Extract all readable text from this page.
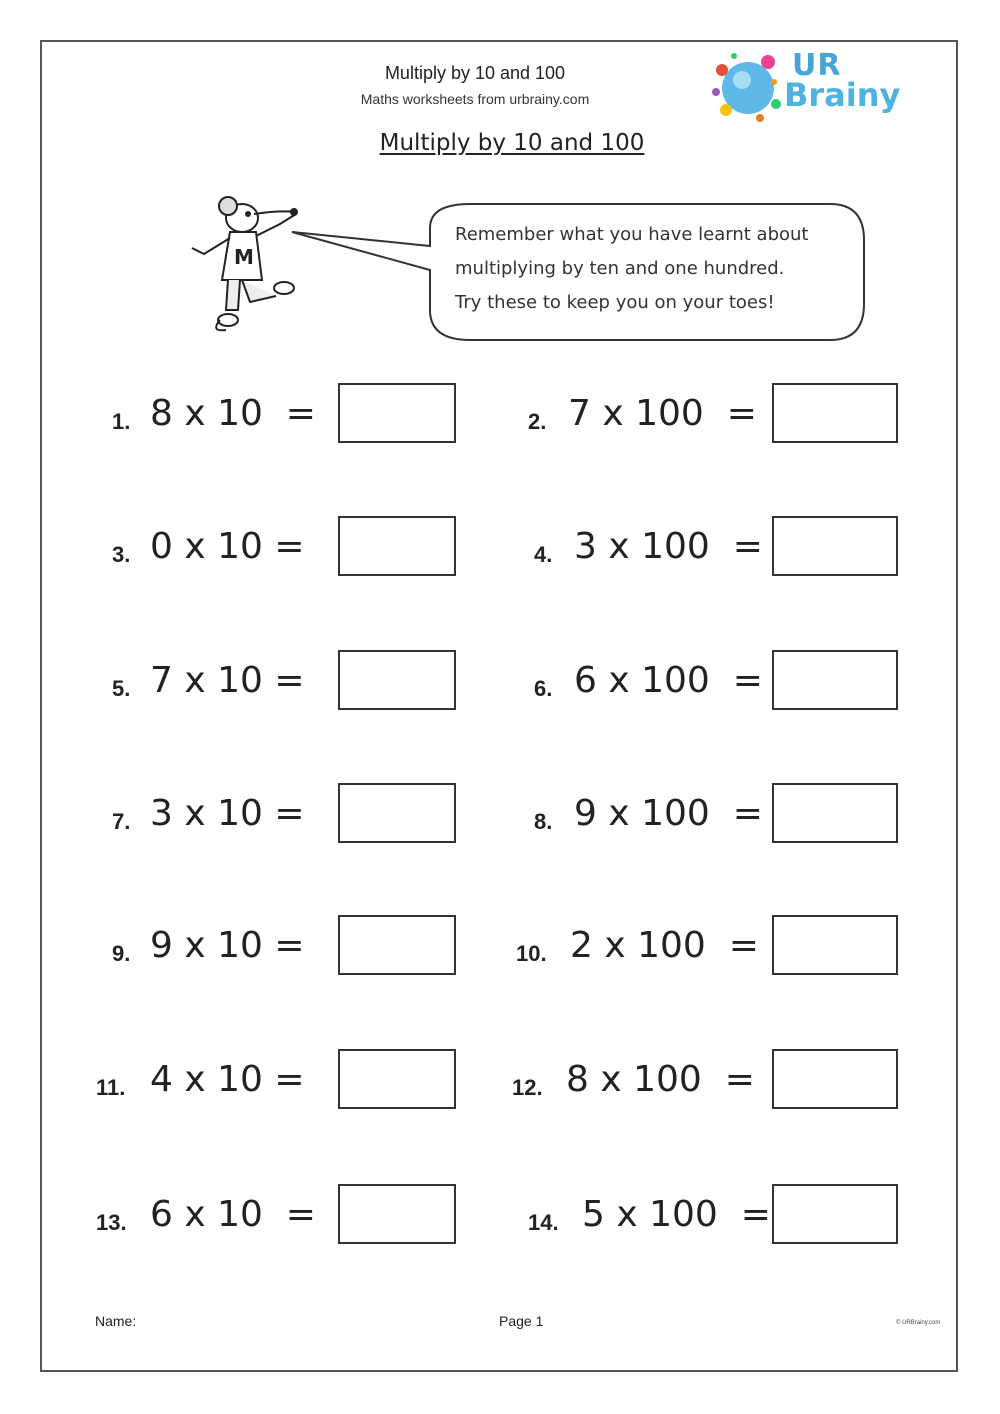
Multiply by 10 and 100
Maths worksheets from urbrainy.com
UR
Brainy
Multiply by 10 and 100
M
Remember what you have learnt about
multiplying by ten and one hundred.
Try these to keep you on your toes!
1. 8 x 10  =
3. 0 x 10 =
5. 7 x 10 =
7. 3 x 10 =
9. 9 x 10 =
11. 4 x 10 =
13. 6 x 10  =
2. 7 x 100  =
4. 3 x 100  =
6. 6 x 100  =
8. 9 x 100  =
10. 2 x 100  =
12. 8 x 100  =
14. 5 x 100  =
Name:	Page 1	© URBrainy.com
